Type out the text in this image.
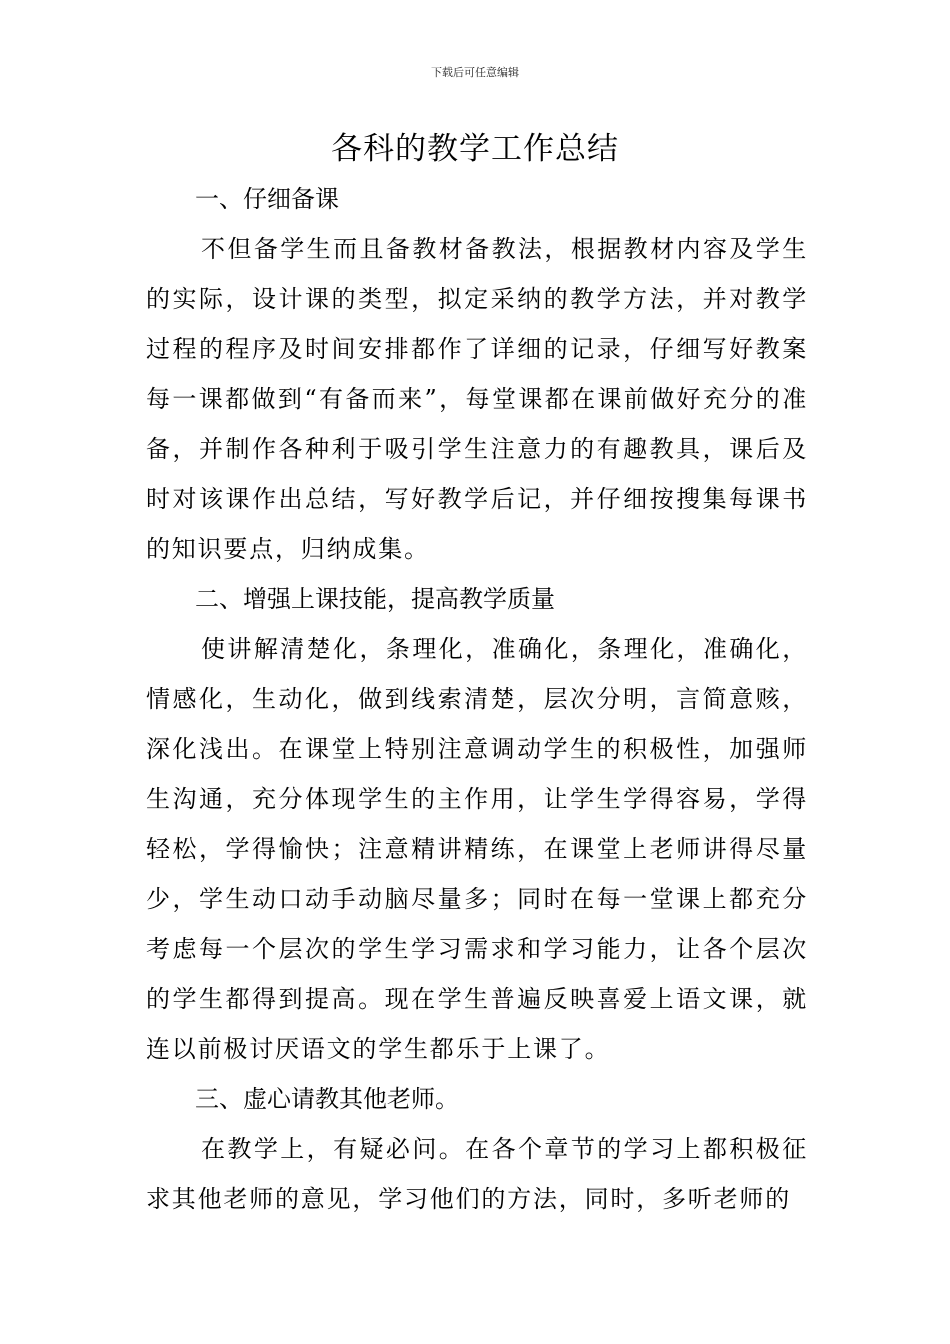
下载后可任意编辑
各科的教学工作总结
一、仔细备课

不但备学生而且备教材备教法，根据教材内容及学生的实际，设计课的类型，拟定采纳的教学方法，并对教学过程的程序及时间安排都作了详细的记录，仔细写好教案每一课都做到“有备而来”，每堂课都在课前做好充分的准备，并制作各种利于吸引学生注意力的有趣教具，课后及时对该课作出总结，写好教学后记，并仔细按搜集每课书的知识要点，归纳成集。

二、增强上课技能，提高教学质量

使讲解清楚化，条理化，准确化，条理化，准确化，情感化，生动化，做到线索清楚，层次分明，言简意赅，深化浅出。在课堂上特别注意调动学生的积极性，加强师生沟通，充分体现学生的主作用，让学生学得容易，学得轻松，学得愉快；注意精讲精练，在课堂上老师讲得尽量少，学生动口动手动脑尽量多；同时在每一堂课上都充分考虑每一个层次的学生学习需求和学习能力，让各个层次的学生都得到提高。现在学生普遍反映喜爱上语文课，就连以前极讨厌语文的学生都乐于上课了。

三、虚心请教其他老师。

在教学上，有疑必问。在各个章节的学习上都积极征求其他老师的意见，学习他们的方法，同时，多听老师的
